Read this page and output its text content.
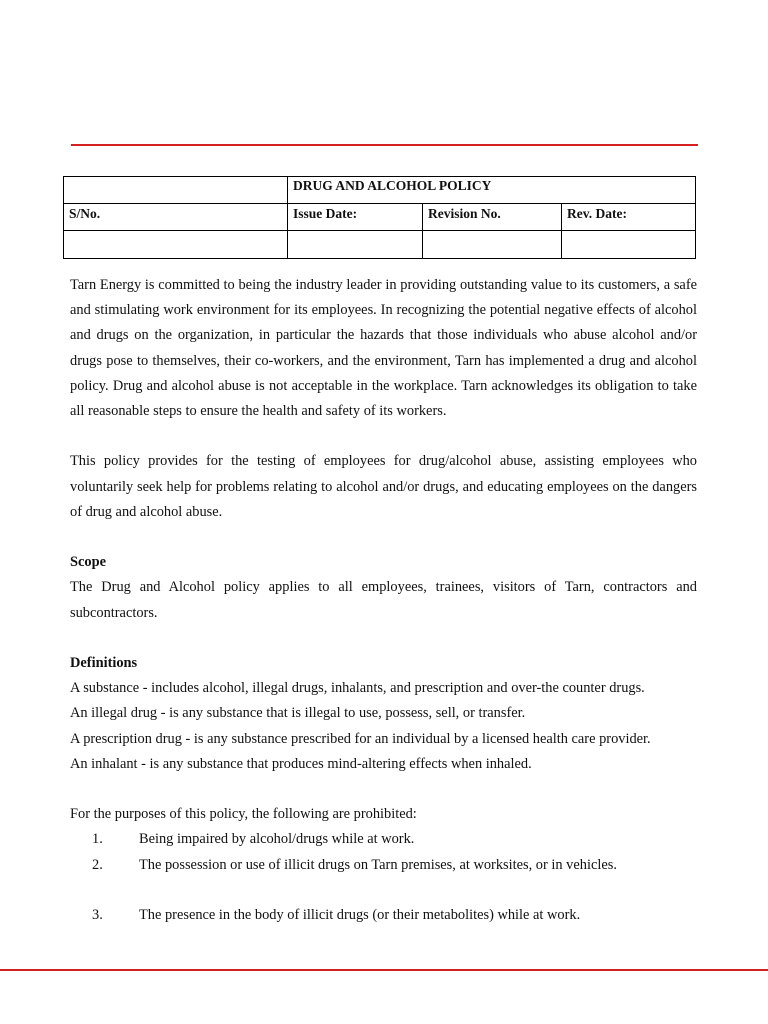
	DRUG AND ALCOHOL POLICY		
S/No.	Issue Date:	Revision No.	Rev. Date:

Tarn Energy is committed to being the industry leader in providing outstanding value to its customers, a safe and stimulating work environment for its employees. In recognizing the potential negative effects of alcohol and drugs on the organization, in particular the hazards that those individuals who abuse alcohol and/or drugs pose to themselves, their co-workers, and the environment, Tarn has implemented a drug and alcohol policy. Drug and alcohol abuse is not acceptable in the workplace. Tarn acknowledges its obligation to take all reasonable steps to ensure the health and safety of its workers.

This policy provides for the testing of employees for drug/alcohol abuse, assisting employees who voluntarily seek help for problems relating to alcohol and/or drugs, and educating employees on the dangers of drug and alcohol abuse.

Scope

The Drug and Alcohol policy applies to all employees, trainees, visitors of Tarn, contractors and subcontractors.

Definitions
A substance - includes alcohol, illegal drugs, inhalants, and prescription and over-the counter drugs.
An illegal drug - is any substance that is illegal to use, possess, sell, or transfer.
A prescription drug - is any substance prescribed for an individual by a licensed health care provider.
An inhalant - is any substance that produces mind-altering effects when inhaled.
For the purposes of this policy, the following are prohibited:
1.	Being impaired by alcohol/drugs while at work.
2.	The possession or use of illicit drugs on Tarn premises, at worksites, or in vehicles.
3.	The presence in the body of illicit drugs (or their metabolites) while at work.
